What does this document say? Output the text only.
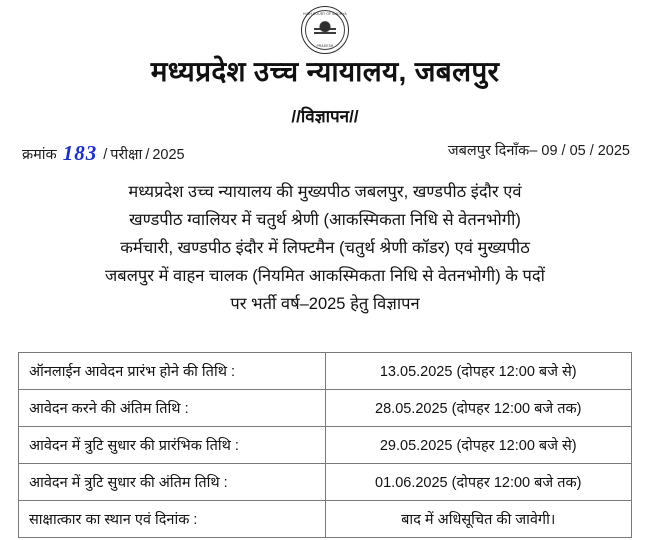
HIGH COURT OF MADHYA
PRADESH
मध्यप्रदेश उच्च न्यायालय, जबलपुर
//विज्ञापन//
क्रमांक 183 / परीक्षा / 2025	जबलपुर दिनाँक– 09 / 05 / 2025
मध्यप्रदेश उच्च न्यायालय की मुख्यपीठ जबलपुर, खण्डपीठ इंदौर एवं
खण्डपीठ ग्वालियर में चतुर्थ श्रेणी (आकस्मिकता निधि से वेतनभोगी)
कर्मचारी, खण्डपीठ इंदौर में लिफ्टमैन (चतुर्थ श्रेणी कॉडर) एवं मुख्यपीठ
जबलपुर में वाहन चालक (नियमित आकस्मिकता निधि से वेतनभोगी) के पदों
पर भर्ती वर्ष–2025 हेतु विज्ञापन
ऑनलाईन आवेदन प्रारंभ होने की तिथि :	13.05.2025 (दोपहर 12:00 बजे से)
आवेदन करने की अंतिम तिथि :	28.05.2025 (दोपहर 12:00 बजे तक)
आवेदन में त्रुटि सुधार की प्रारंभिक तिथि :	29.05.2025 (दोपहर 12:00 बजे से)
आवेदन में त्रुटि सुधार की अंतिम तिथि :	01.06.2025 (दोपहर 12:00 बजे तक)
साक्षात्कार का स्थान एवं दिनांक :	बाद में अधिसूचित की जावेगी।
